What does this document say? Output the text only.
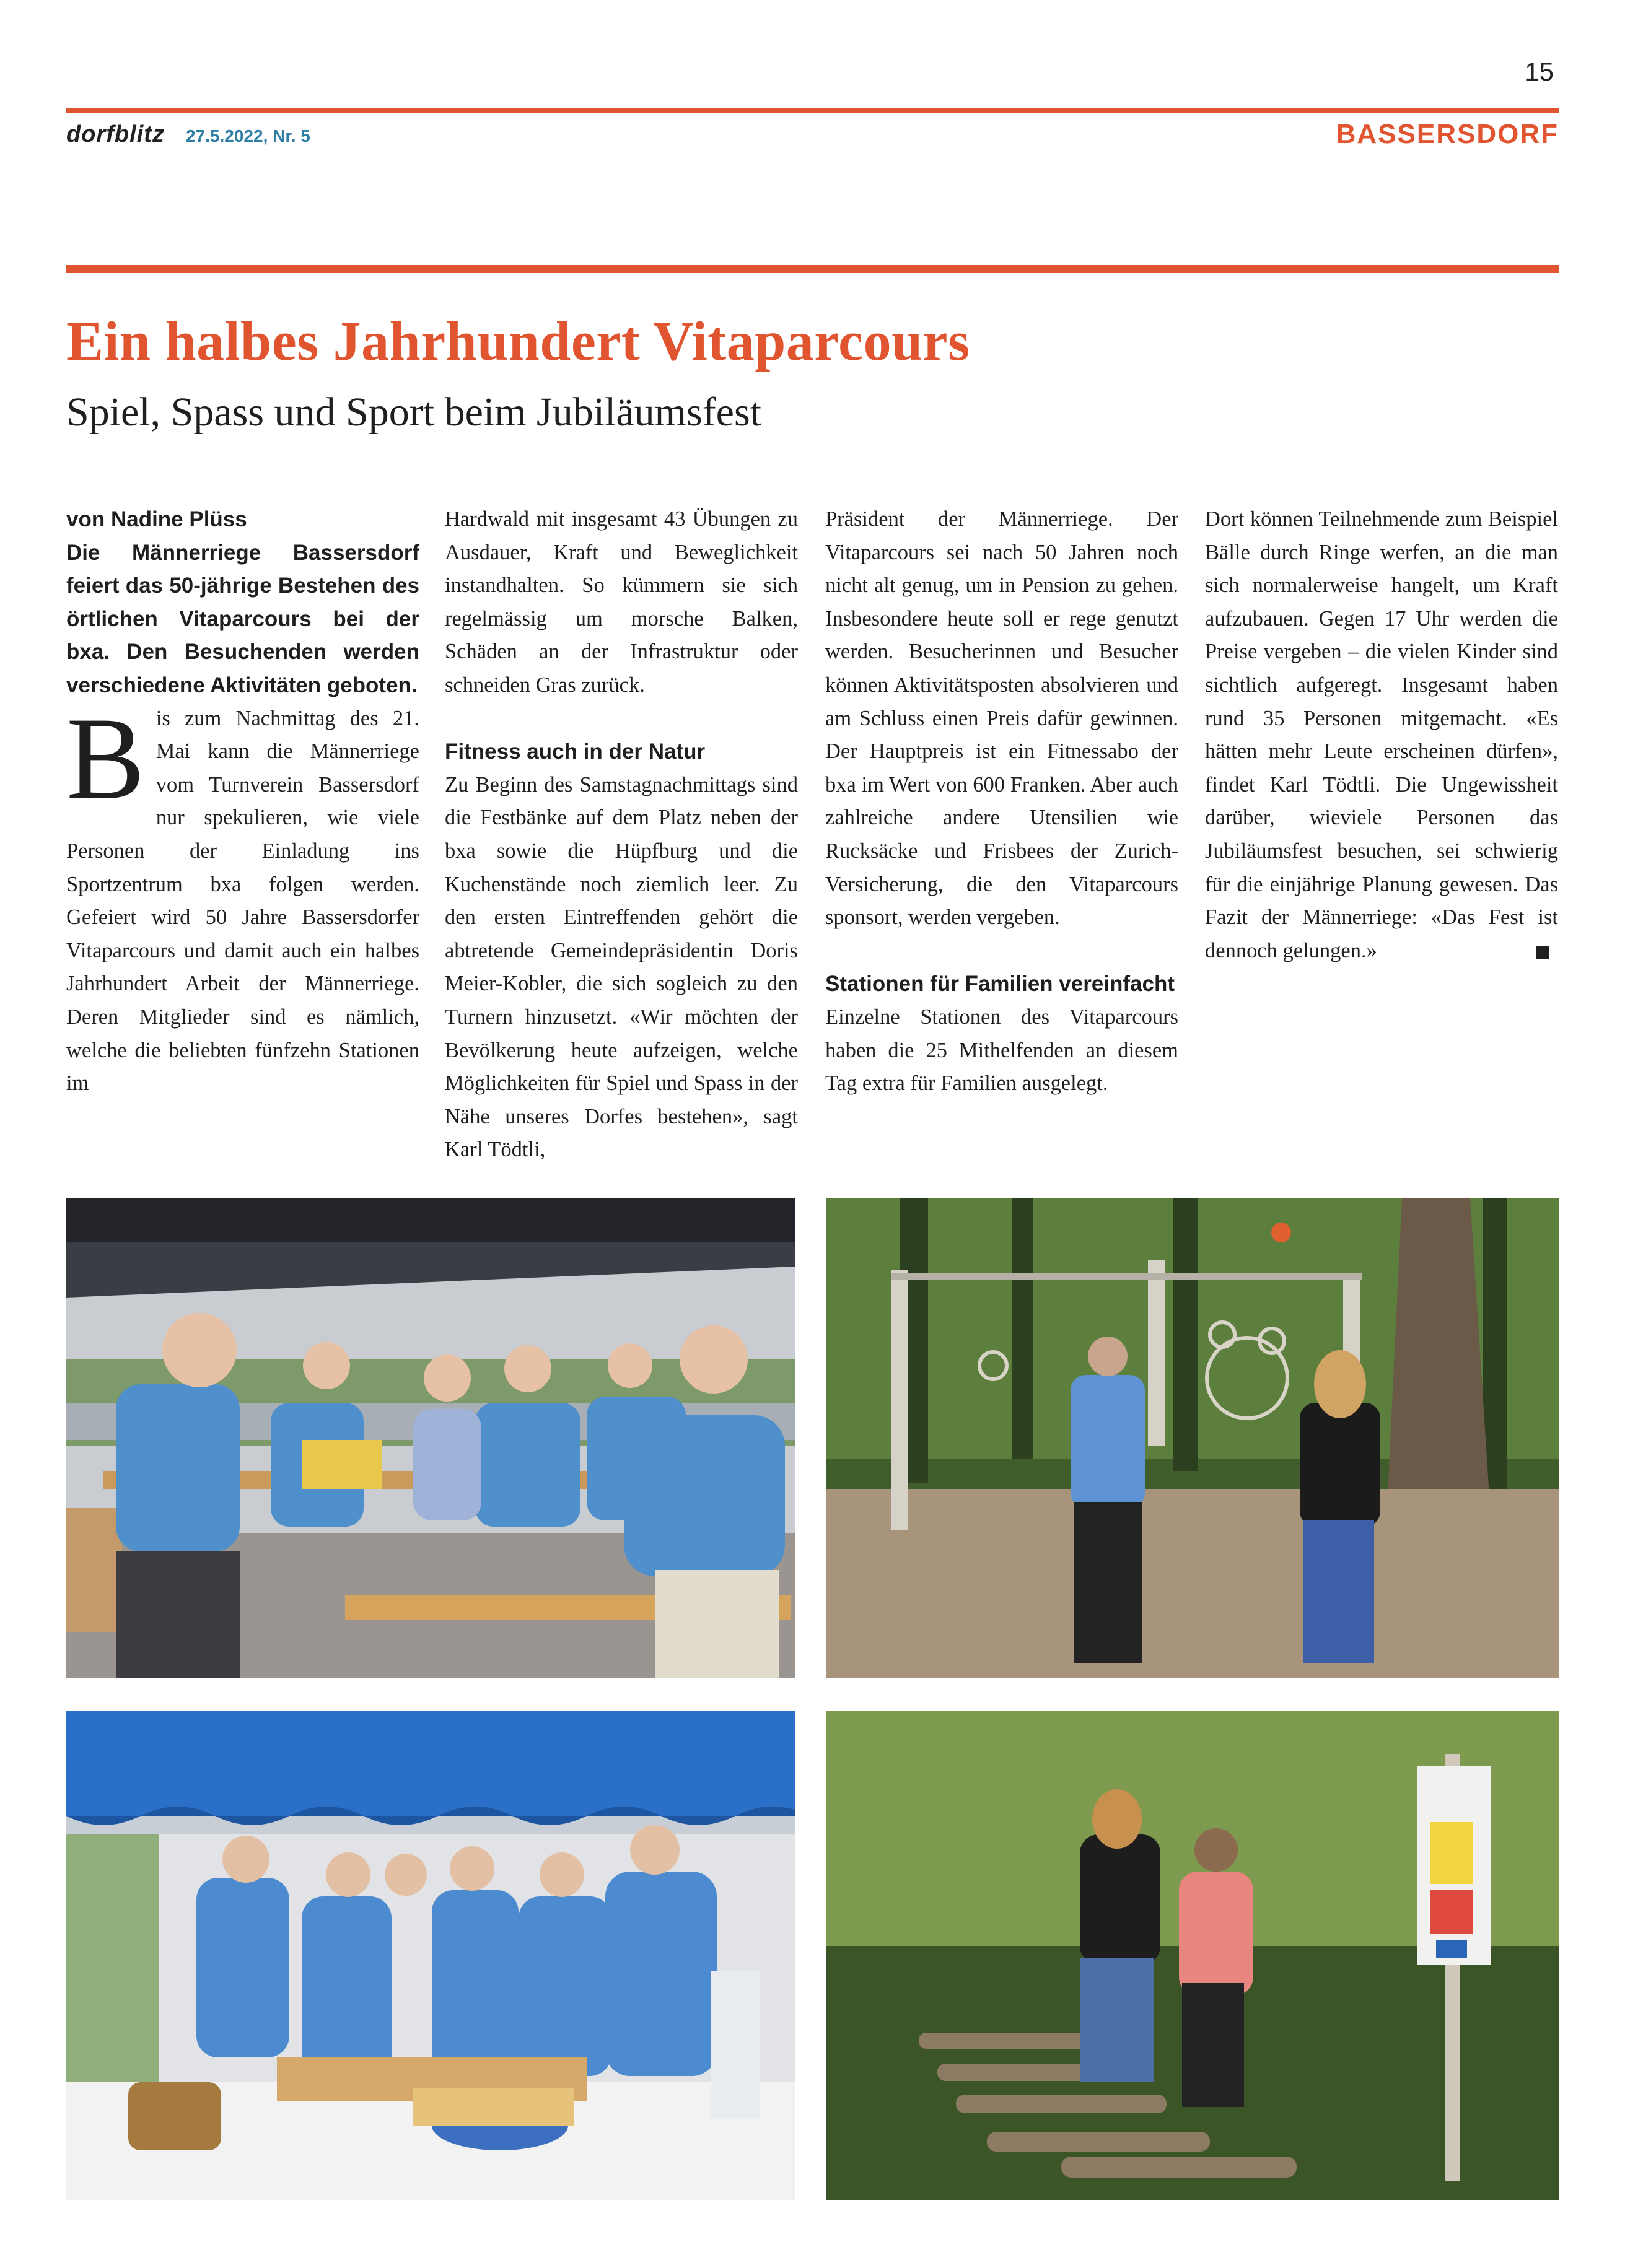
15
dorfblitz 27.5.2022, Nr. 5	BASSERSDORF
Ein halbes Jahrhundert Vitaparcours
Spiel, Spass und Sport beim Jubiläumsfest

von Nadine Plüss

Die Männerriege Bassersdorf feiert das 50-jährige Bestehen des örtlichen Vitaparcours bei der bxa. Den Besuchenden werden verschiedene Aktivitäten geboten.

Bis zum Nachmittag des 21. Mai kann die Männerriege vom Turnverein Bassersdorf nur spekulieren, wie viele Personen der Einladung ins Sportzentrum bxa folgen werden. Gefeiert wird 50 Jahre Bassersdorfer Vitaparcours und damit auch ein halbes Jahrhundert Arbeit der Männerriege. Deren Mitglieder sind es nämlich, welche die beliebten fünfzehn Stationen im

Hardwald mit insgesamt 43 Übungen zu Ausdauer, Kraft und Beweglichkeit instandhalten. So kümmern sie sich regelmässig um morsche Balken, Schäden an der Infrastruktur oder schneiden Gras zurück.

Fitness auch in der Natur

Zu Beginn des Samstagnachmittags sind die Festbänke auf dem Platz neben der bxa sowie die Hüpfburg und die Kuchenstände noch ziemlich leer. Zu den ersten Eintreffenden gehört die abtretende Gemeindepräsidentin Doris Meier-Kobler, die sich sogleich zu den Turnern hinzusetzt. «Wir möchten der Bevölkerung heute aufzeigen, welche Möglichkeiten für Spiel und Spass in der Nähe unseres Dorfes bestehen», sagt Karl Tödtli,

Präsident der Männerriege. Der Vitaparcours sei nach 50 Jahren noch nicht alt genug, um in Pension zu gehen. Insbesondere heute soll er rege genutzt werden. Besucherinnen und Besucher können Aktivitätsposten absolvieren und am Schluss einen Preis dafür gewinnen. Der Hauptpreis ist ein Fitnessabo der bxa im Wert von 600 Franken. Aber auch zahlreiche andere Utensilien wie Rucksäcke und Frisbees der Zurich-Versicherung, die den Vitaparcours sponsort, werden vergeben.

Stationen für Familien vereinfacht

Einzelne Stationen des Vitaparcours haben die 25 Mithelfenden an diesem Tag extra für Familien ausgelegt.

Dort können Teilnehmende zum Beispiel Bälle durch Ringe werfen, an die man sich normalerweise hangelt, um Kraft aufzubauen. Gegen 17 Uhr werden die Preise vergeben – die vielen Kinder sind sichtlich aufgeregt. Insgesamt haben rund 35 Personen mitgemacht. «Es hätten mehr Leute erscheinen dürfen», findet Karl Tödtli. Die Ungewissheit darüber, wieviele Personen das Jubiläumsfest besuchen, sei schwierig für die einjährige Planung gewesen. Das Fazit der Männerriege: «Das Fest ist dennoch gelungen.»	■
